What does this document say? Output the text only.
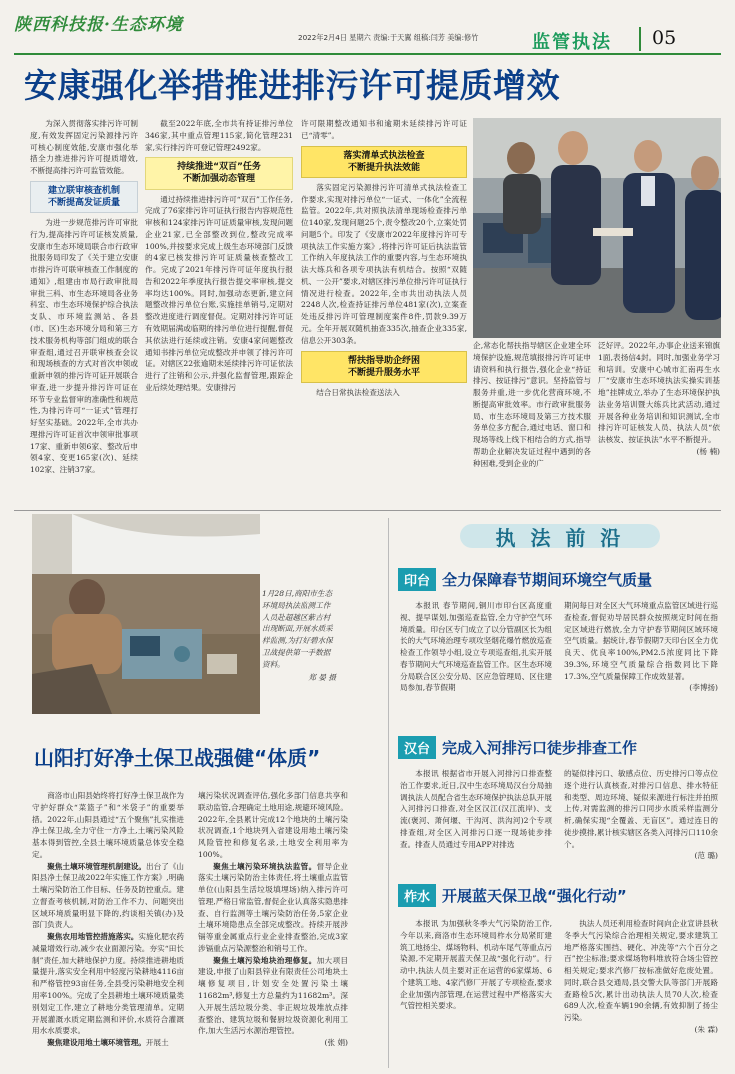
陕西科技报·生态环境
2022年2月4日 星期六 责编:于天翼 组稿:闫芳 美编:修竹	监管执法	05
安康强化举措推进排污许可提质增效

为深入贯彻落实排污许可制度,有效发挥固定污染源排污许可核心制度效能,安康市强化举措全力推进排污许可提质增效,不断提高排污许可监管效能。

建立联审核查机制
不断提高发证质量

为进一步规范排污许可审批行为,提高排污许可证核发质量,安康市生态环境局联合市行政审批服务局印发了《关于建立安康市排污许可联审核查工作制度的通知》,组建由市局行政审批局审批三科、市生态环境局各业务科室、市生态环境保护综合执法支队、市环境监测站、各县(市、区)生态环境分局和第三方技术服务机构等部门组成的联合审查组,通过召开联审核查会议和现场核查的方式对首次申领或重新申领的排污许可证开展联合审查,进一步提升排污许可证在环节专业监督审的准确性和规范性,为排污许可“一证式”管理打好坚实基础。2022年,全市共办理排污许可证首次申领审批事项17家、重新申领6家、整改后申领4家、变更165家(次)、延续102家、注销37家。

截至2022年底,全市共有持证排污单位346家,其中重点管理115家,简化管理231家,实行排污许可登记管理2492家。

持续推进“双百”任务
不断加强动态管理

通过持续推进排污许可“双百”工作任务,完成了76家排污许可证执行报告内容规范性审核和124家排污许可证质量审核,发现问题企业21家,已全部整改到位,整改完成率100%,并按要求完成上级生态环境部门反馈的4家已核发排污许可证质量核查整改工作。完成了2021年排污许可证年度执行报告和2022年季度执行报告提交率审核,提交率均达100%。同时,加强动态更新,建立问题整改排污单位台账,实施挂单销号,定期对整改进度进行调度督促。定期对排污许可证有效期届满或临期的排污单位进行提醒,督促其依法进行延续或注销。安康4家问题整改通知书排污单位完成整改并申领了排污许可证。对辖区22张逾期未延续排污许可证依法进行了注销和公示,并强化监督管理,跟踪企业后续处理结果。安康排污

许可限期整改通知书和逾期未延续排污许可证已“清零”。

落实清单式执法检查
不断提升执法效能

落实固定污染源排污许可清单式执法检查工作要求,实现对排污单位“一证式、一体化”全流程监管。2022年,共对照执法清单现场检查排污单位140家,发现问题25个,责令整改20个,立案处罚问题5个。印发了《安康市2022年度排污许可专项执法工作实施方案》,将排污许可证后执法监管工作纳入年度执法工作的重要内容,与生态环境执法大练兵和各项专项执法有机结合。按照“双随机、一公开”要求,对辖区排污单位排污许可证执行情况进行检查。2022年,全市共出动执法人员2248人次,检查持证排污单位481家(次),立案查处违反排污许可管理制度案件8件,罚款9.39万元。全年开展双随机抽查335次,抽查企业335家,信息公开303条。

帮扶指导助企纾困
不断提升服务水平

结合日常执法检查送法入

企,常态化帮扶指导辖区企业建全环境保护设施,规范填报排污许可证申请资料和执行报告,强化企业“持证排污、按证排污”意识。坚持监管与服务并重,进一步优化营商环境,不断提高审批效率。市行政审批服务局、市生态环境局及第三方技术服务单位多方配合,通过电话、窗口和现场等线上线下相结合的方式,指导帮助企业解决发证过程中遇到的各种困难,受到企业的广

泛好评。2022年,办事企业送来锦旗1面,表扬信4封。同时,加强业务学习和培训。安康中心城市汇南再生水厂“安康市生态环境执法实操实训基地”挂牌成立,举办了生态环境保护执法业务培训暨大练兵比武活动,通过开展各种业务培训和知识测试,全市排污许可证核发人员、执法人员“依法核发、按证执法”水平不断提升。

(杨 楠)
1月28日,商阳市生态环境局执法监测工作人员赴超越区紫吉村出现断面,开展水质采样监测,为打好碧水保卫战提供第一手数据资料。
郑 晏 摄
山阳打好净土保卫战强健“体质”

商洛市山阳县始终将打好净土保卫战作为守护好群众“菜篮子”和“米袋子”的重要举措。2022年,山阳县通过“五个聚焦”扎实推进净土保卫战,全力守住一方净土,土壤污染风险基本得到管控,全县土壤环境质量总体安全稳定。

聚焦土壤环境管理机制建设。出台了《山阳县净土保卫战2022年实施工作方案》,明确土壤污染防治工作目标、任务及防控重点。建立督查考核机制,对防治工作不力、问题突出区域环境质量明显下降的,约谈相关镇(办)及部门负责人。

聚焦农用地管控措施落实。实施化肥农药减量增效行动,减少农业面源污染。夯实“田长制”责任,加大耕地保护力度。持续推进耕地质量提升,落实安全利用中轻度污染耕地4116亩和严格管控93亩任务,全县受污染耕地安全利用率100%。完成了全县耕地土壤环境质量类别划定工作,建立了耕地分类管理清单。定期开展灌溉水质定期监测和评价,水质符合灌溉用水水质要求。

聚焦建设用地土壤环境管理。开展土

壤污染状况调查评估,强化多部门信息共享和联动监管,合理确定土地用途,规避环境风险。2022年,全县累计完成12个地块的土壤污染状况调查,1个地块列入省建设用地土壤污染风险管控和修复名录,土地安全利用率为100%。

聚焦土壤污染环境执法监管。督导企业落实土壤污染防治主体责任,将土壤重点监管单位(山阳县生活垃圾填埋场)纳入排污许可管理,严格日常监管,督促企业认真落实隐患排查、自行监测等土壤污染防治任务,5家企业土壤环境隐患点全部完成整改。持续开展涉镉等重金属重点行业企业排查整治,完成3家涉镉重点污染源整治和销号工作。

聚焦土壤污染地块治理修复。加大项目建设,申报了山阳县锌业有限责任公司地块土壤修复项目,计划安全处置污染土壤11682m³,修复土方总量约为11682m³。深入开展生活垃圾分类、非正规垃圾堆放点排查整治、建筑垃圾和餐厨垃圾资源化利用工作,加大生活污水源治理管控。

(张 娟)
执 法 前 沿
印台 全力保障春节期间环境空气质量

本报讯 春节期间,铜川市印台区高度重视、提早谋划,加强巡查监管,全力守护空气环境质量。印台区专门成立了以分管副区长为组长的大气环境治理专项攻坚烟花爆竹燃放巡查检查工作领导小组,设立专项巡查组,扎实开展春节期间大气环境巡查监管工作。区生态环境分局联合区公安分局、区应急管理局、区住建局参加,春节假期

期间每日对全区大气环境重点监管区域进行巡查检查,督促劝导居民群众按照规定时间在指定区域进行燃放,全力守护春节期间区域环境空气质量。据统计,春节假期7天印台区全力优良天、优良率100%,PM2.5浓度同比下降39.3%,环境空气质量综合指数同比下降17.3%,空气质量保障工作成效显著。

(李博扬)
汉台 完成入河排污口徒步排查工作

本报讯 根据省市开展入河排污口排查整治工作要求,近日,汉中生态环境局汉台分局抽调执法人员配合省生态环境保护执法总队开展入河排污口排查,对全区汉江(汉江流岸)、支流(褒河、萧何堰、干沟河、洪沟河)2个专项排查组,对全区入河排污口逐一现场徒步排查。排查人员通过专用APP对排选

的疑似排污口、敏感点位、历史排污口等点位逐个进行认真核查,对排污口信息、排水特征和类型、周边环境、疑似来源进行标注并拍照上传,对需监测的排污口同步水质采样监测分析,确保实现“全覆盖、无盲区”。通过连日的徒步摸排,累计核实辖区各类入河排污口110余个。

(范 璐)
柞水 开展蓝天保卫战“强化行动”

本报讯 为加强秋冬季大气污染防治工作,今年以来,商洛市生态环境局柞水分局紧盯建筑工地扬尘、煤场物料、机动车尾气等重点污染源,不定期开展蓝天保卫战“强化行动”。行动中,执法人员主要对正在运营的6家煤场、6个建筑工地、4家汽修厂开展了专项检查,要求企业加强内部管理,在运营过程中严格落实大气管控相关要求。

执法人员还利用检查时间向企业宣讲县秋冬季大气污染综合治理相关规定,要求建筑工地严格落实围挡、硬化、冲洗等“六个百分之百”控尘标准;要求煤场物料堆放符合场尘管控相关规定;要求汽修厂按标准做好危废处置。同时,联合县交通局,县交警大队等部门开展路查路检5次,累计出动执法人员70人次,检查689人次,检查车辆190余辆,有效抑制了扬尘污染。

(朱 霖)
